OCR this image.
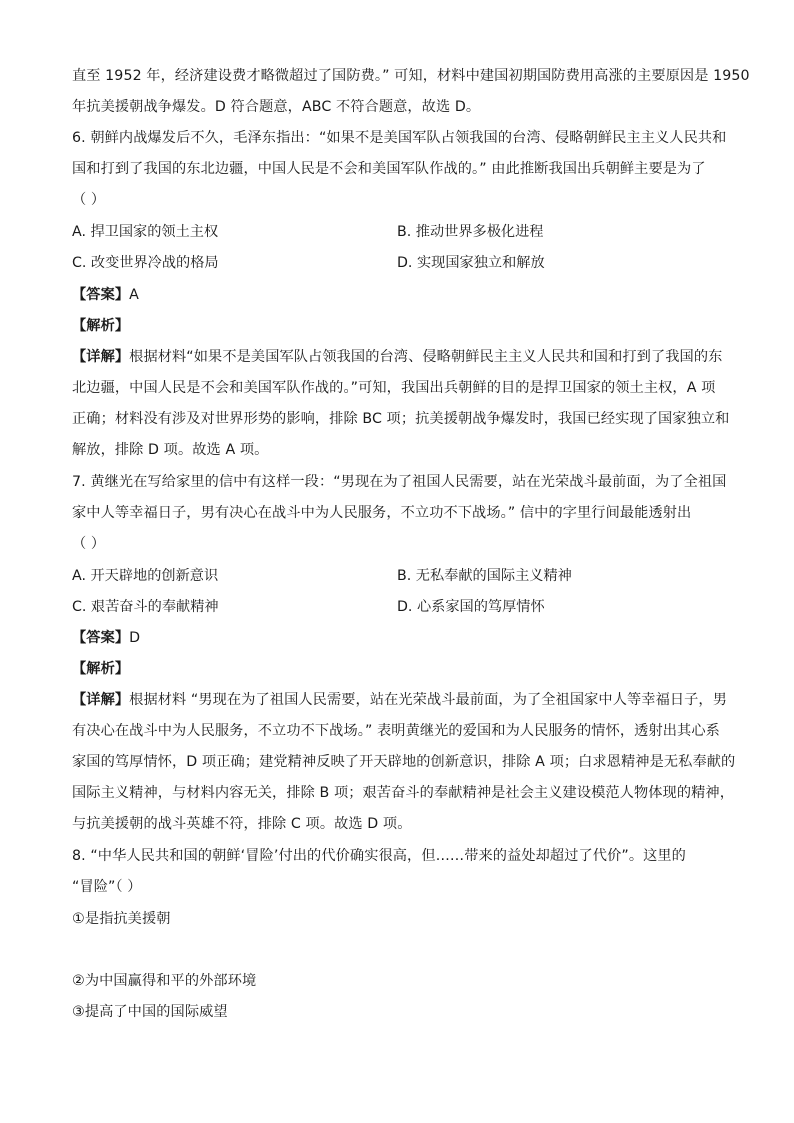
直至 1952 年，经济建设费才略微超过了国防费。” 可知，材料中建国初期国防费用高涨的主要原因是 1950
年抗美援朝战争爆发。D 符合题意，ABC 不符合题意，故选 D。
6. 朝鲜内战爆发后不久，毛泽东指出：“如果不是美国军队占领我国的台湾、侵略朝鲜民主主义人民共和
国和打到了我国的东北边疆，中国人民是不会和美国军队作战的。” 由此推断我国出兵朝鲜主要是为了
（ ）
A. 捍卫国家的领土主权	B. 推动世界多极化进程
C. 改变世界冷战的格局	D. 实现国家独立和解放
【答案】A
【解析】
【详解】根据材料“如果不是美国军队占领我国的台湾、侵略朝鲜民主主义人民共和国和打到了我国的东
北边疆，中国人民是不会和美国军队作战的。”可知，我国出兵朝鲜的目的是捍卫国家的领土主权，A 项
正确；材料没有涉及对世界形势的影响，排除 BC 项；抗美援朝战争爆发时，我国已经实现了国家独立和
解放，排除 D 项。故选 A 项。
7. 黄继光在写给家里的信中有这样一段：“男现在为了祖国人民需要，站在光荣战斗最前面，为了全祖国
家中人等幸福日子，男有决心在战斗中为人民服务，不立功不下战场。” 信中的字里行间最能透射出
（ ）
A. 开天辟地的创新意识	B. 无私奉献的国际主义精神
C. 艰苦奋斗的奉献精神	D. 心系家国的笃厚情怀
【答案】D
【解析】
【详解】根据材料 “男现在为了祖国人民需要，站在光荣战斗最前面，为了全祖国家中人等幸福日子，男
有决心在战斗中为人民服务，不立功不下战场。” 表明黄继光的爱国和为人民服务的情怀，透射出其心系
家国的笃厚情怀，D 项正确；建党精神反映了开天辟地的创新意识，排除 A 项；白求恩精神是无私奉献的
国际主义精神，与材料内容无关，排除 B 项；艰苦奋斗的奉献精神是社会主义建设模范人物体现的精神，
与抗美援朝的战斗英雄不符，排除 C 项。故选 D 项。
8. “中华人民共和国的朝鲜‘冒险’付出的代价确实很高，但……带来的益处却超过了代价”。这里的
“冒险”（ ）
①是指抗美援朝
②为中国赢得和平的外部环境
③提高了中国的国际威望
